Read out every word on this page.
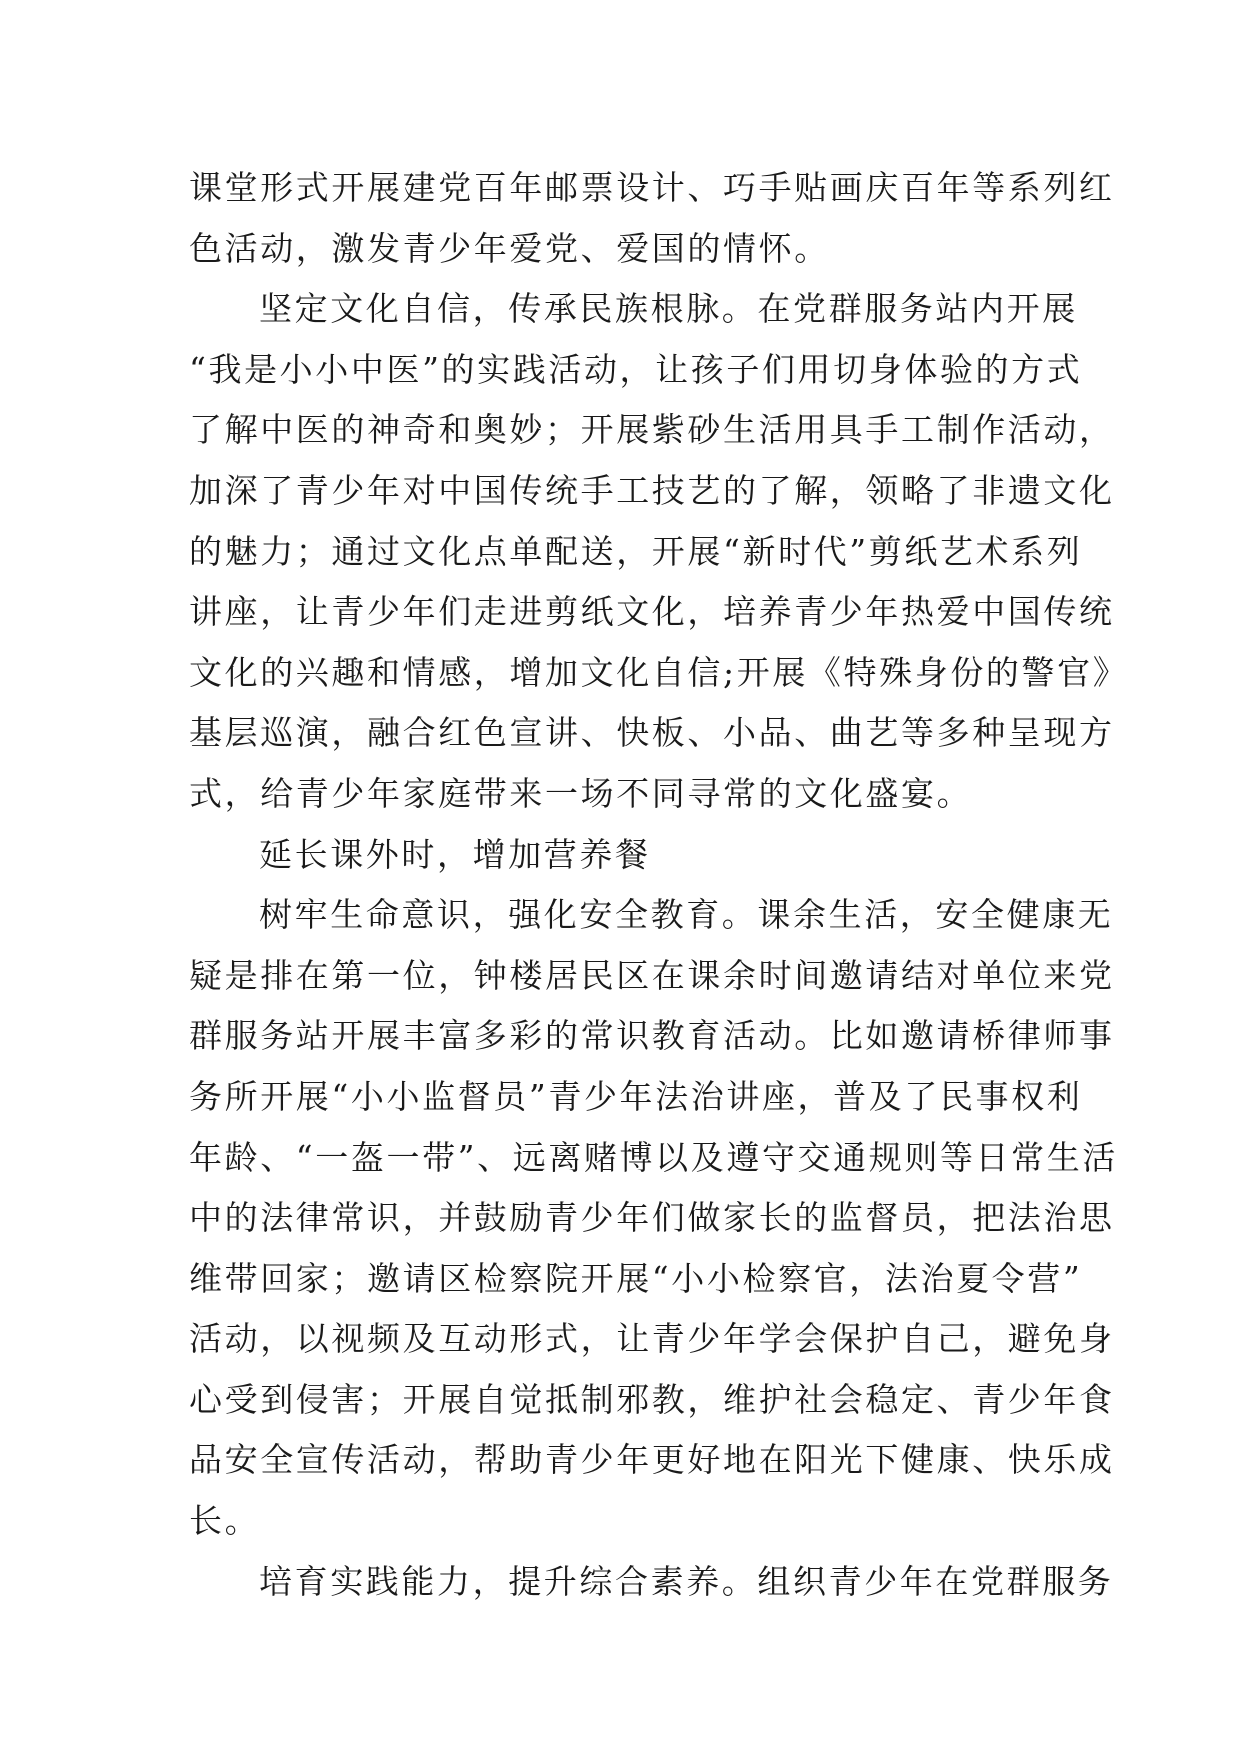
课堂形式开展建党百年邮票设计、巧手贴画庆百年等系列红
色活动，激发青少年爱党、爱国的情怀。
坚定文化自信，传承民族根脉。在党群服务站内开展
“我是小小中医”的实践活动，让孩子们用切身体验的方式
了解中医的神奇和奥妙；开展紫砂生活用具手工制作活动，
加深了青少年对中国传统手工技艺的了解，领略了非遗文化
的魅力；通过文化点单配送，开展“新时代”剪纸艺术系列
讲座，让青少年们走进剪纸文化，培养青少年热爱中国传统
文化的兴趣和情感，增加文化自信;开展《特殊身份的警官》
基层巡演，融合红色宣讲、快板、小品、曲艺等多种呈现方
式，给青少年家庭带来一场不同寻常的文化盛宴。
延长课外时，增加营养餐
树牢生命意识，强化安全教育。课余生活，安全健康无
疑是排在第一位，钟楼居民区在课余时间邀请结对单位来党
群服务站开展丰富多彩的常识教育活动。比如邀请桥律师事
务所开展“小小监督员”青少年法治讲座，普及了民事权利
年龄、“一盔一带”、远离赌博以及遵守交通规则等日常生活
中的法律常识，并鼓励青少年们做家长的监督员，把法治思
维带回家；邀请区检察院开展“小小检察官，法治夏令营”
活动，以视频及互动形式，让青少年学会保护自己，避免身
心受到侵害；开展自觉抵制邪教，维护社会稳定、青少年食
品安全宣传活动，帮助青少年更好地在阳光下健康、快乐成
长。
培育实践能力，提升综合素养。组织青少年在党群服务
